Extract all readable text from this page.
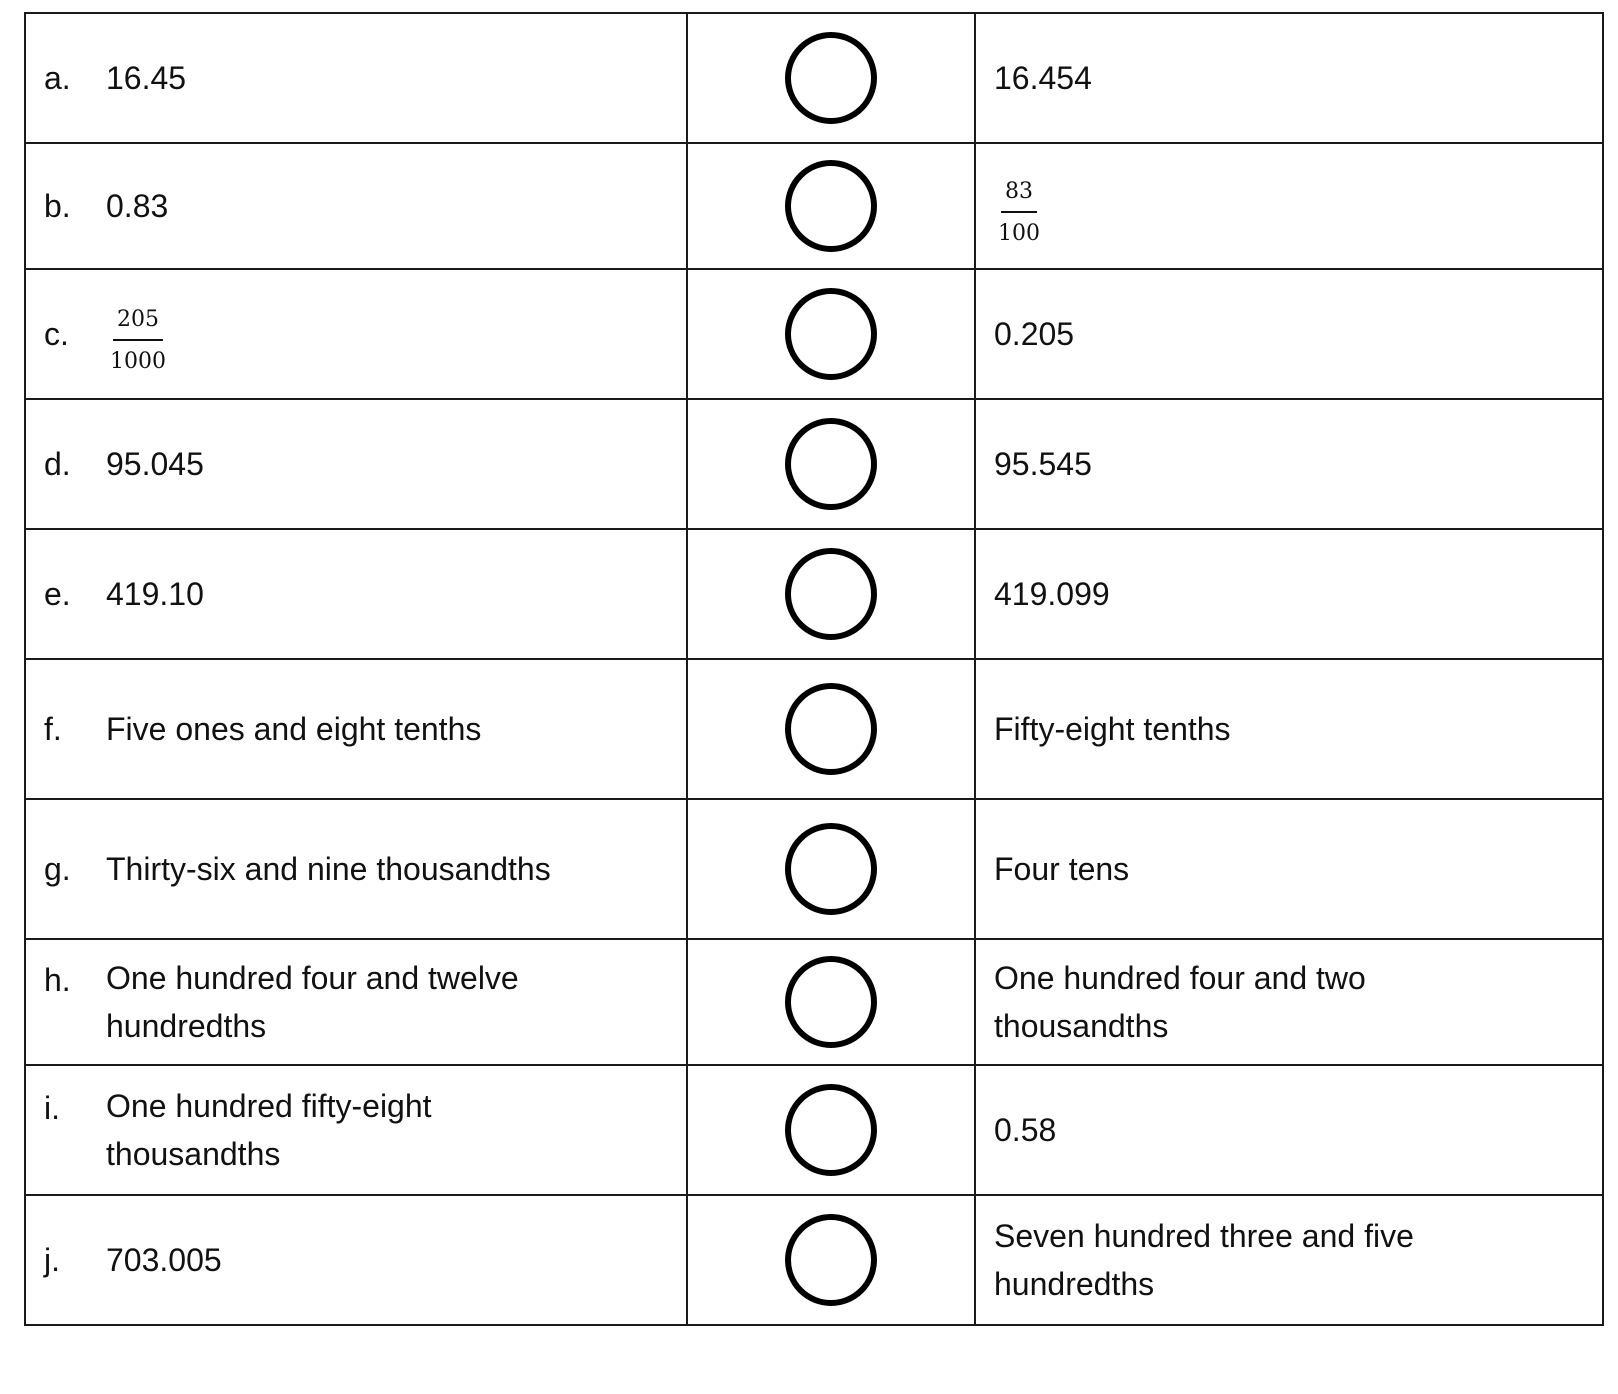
a. 16.45		16.454

b. 0.83		$\frac{83}{100}$

c. $\frac{205}{1000}$		0.205

d. 95.045		95.545

e. 419.10		419.099

f. Five ones and eight tenths		Fifty-eight tenths

g. Thirty-six and nine thousandths		Four tens

h. One hundred four and twelve hundredths		One hundred four and two thousandths

i. One hundred fifty-eight thousandths		0.58

j. 703.005		Seven hundred three and five hundredths
